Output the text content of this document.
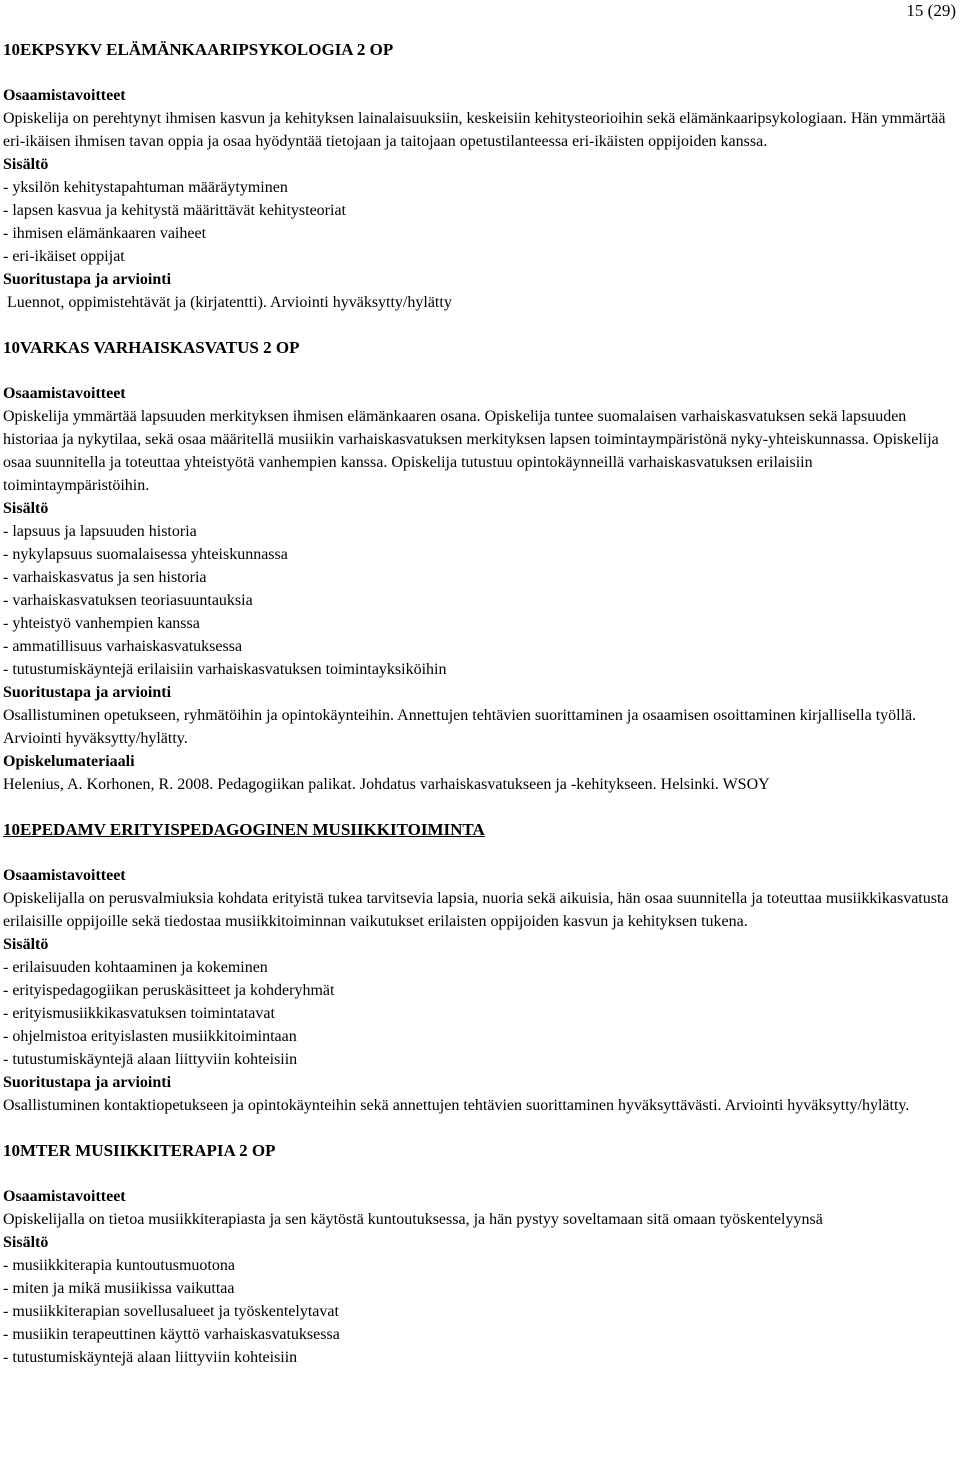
15 (29)
10EKPSYKV ELÄMÄNKAARIPSYKOLOGIA 2 OP
Osaamistavoitteet

Opiskelija on perehtynyt ihmisen kasvun ja kehityksen lainalaisuuksiin, keskeisiin kehitysteorioihin sekä elämänkaaripsykologiaan. Hän ymmärtää eri-ikäisen ihmisen tavan oppia ja osaa hyödyntää tietojaan ja taitojaan opetustilanteessa eri-ikäisten oppijoiden kanssa.

Sisältö
- yksilön kehitystapahtuman määräytyminen
- lapsen kasvua ja kehitystä määrittävät kehitysteoriat
- ihmisen elämänkaaren vaiheet
- eri-ikäiset oppijat
Suoritustapa ja arviointi

Luennot, oppimistehtävät ja (kirjatentti). Arviointi hyväksytty/hylätty

10VARKAS VARHAISKASVATUS 2 OP
Osaamistavoitteet

Opiskelija ymmärtää lapsuuden merkityksen ihmisen elämänkaaren osana. Opiskelija tuntee suomalaisen varhaiskasvatuksen sekä lapsuuden historiaa ja nykytilaa, sekä osaa määritellä musiikin varhaiskasvatuksen merkityksen lapsen toimintaympäristönä nyky-yhteiskunnassa. Opiskelija osaa suunnitella ja toteuttaa yhteistyötä vanhempien kanssa. Opiskelija tutustuu opintokäynneillä varhaiskasvatuksen erilaisiin toimintaympäristöihin.

Sisältö
- lapsuus ja lapsuuden historia
- nykylapsuus suomalaisessa yhteiskunnassa
- varhaiskasvatus ja sen historia
- varhaiskasvatuksen teoriasuuntauksia
- yhteistyö vanhempien kanssa
- ammatillisuus varhaiskasvatuksessa
- tutustumiskäyntejä erilaisiin varhaiskasvatuksen toimintayksiköihin
Suoritustapa ja arviointi

Osallistuminen opetukseen, ryhmätöihin ja opintokäynteihin. Annettujen tehtävien suorittaminen ja osaamisen osoittaminen kirjallisella työllä. Arviointi hyväksytty/hylätty.

Opiskelumateriaali

Helenius, A. Korhonen, R. 2008. Pedagogiikan palikat. Johdatus varhaiskasvatukseen ja -kehitykseen. Helsinki. WSOY

10EPEDAMV ERITYISPEDAGOGINEN MUSIIKKITOIMINTA
Osaamistavoitteet

Opiskelijalla on perusvalmiuksia kohdata erityistä tukea tarvitsevia lapsia, nuoria sekä aikuisia, hän osaa suunnitella ja toteuttaa musiikkikasvatusta erilaisille oppijoille sekä tiedostaa musiikkitoiminnan vaikutukset erilaisten oppijoiden kasvun ja kehityksen tukena.

Sisältö
- erilaisuuden kohtaaminen ja kokeminen
- erityispedagogiikan peruskäsitteet ja kohderyhmät
- erityismusiikkikasvatuksen toimintatavat
- ohjelmistoa erityislasten musiikkitoimintaan
- tutustumiskäyntejä alaan liittyviin kohteisiin
Suoritustapa ja arviointi

Osallistuminen kontaktiopetukseen ja opintokäynteihin sekä annettujen tehtävien suorittaminen hyväksyttävästi. Arviointi hyväksytty/hylätty.

10MTER MUSIIKKITERAPIA 2 OP
Osaamistavoitteet

Opiskelijalla on tietoa musiikkiterapiasta ja sen käytöstä kuntoutuksessa, ja hän pystyy soveltamaan sitä omaan työskentelyynsä

Sisältö
- musiikkiterapia kuntoutusmuotona
- miten ja mikä musiikissa vaikuttaa
- musiikkiterapian sovellusalueet ja työskentelytavat
- musiikin terapeuttinen käyttö varhaiskasvatuksessa
- tutustumiskäyntejä alaan liittyviin kohteisiin
